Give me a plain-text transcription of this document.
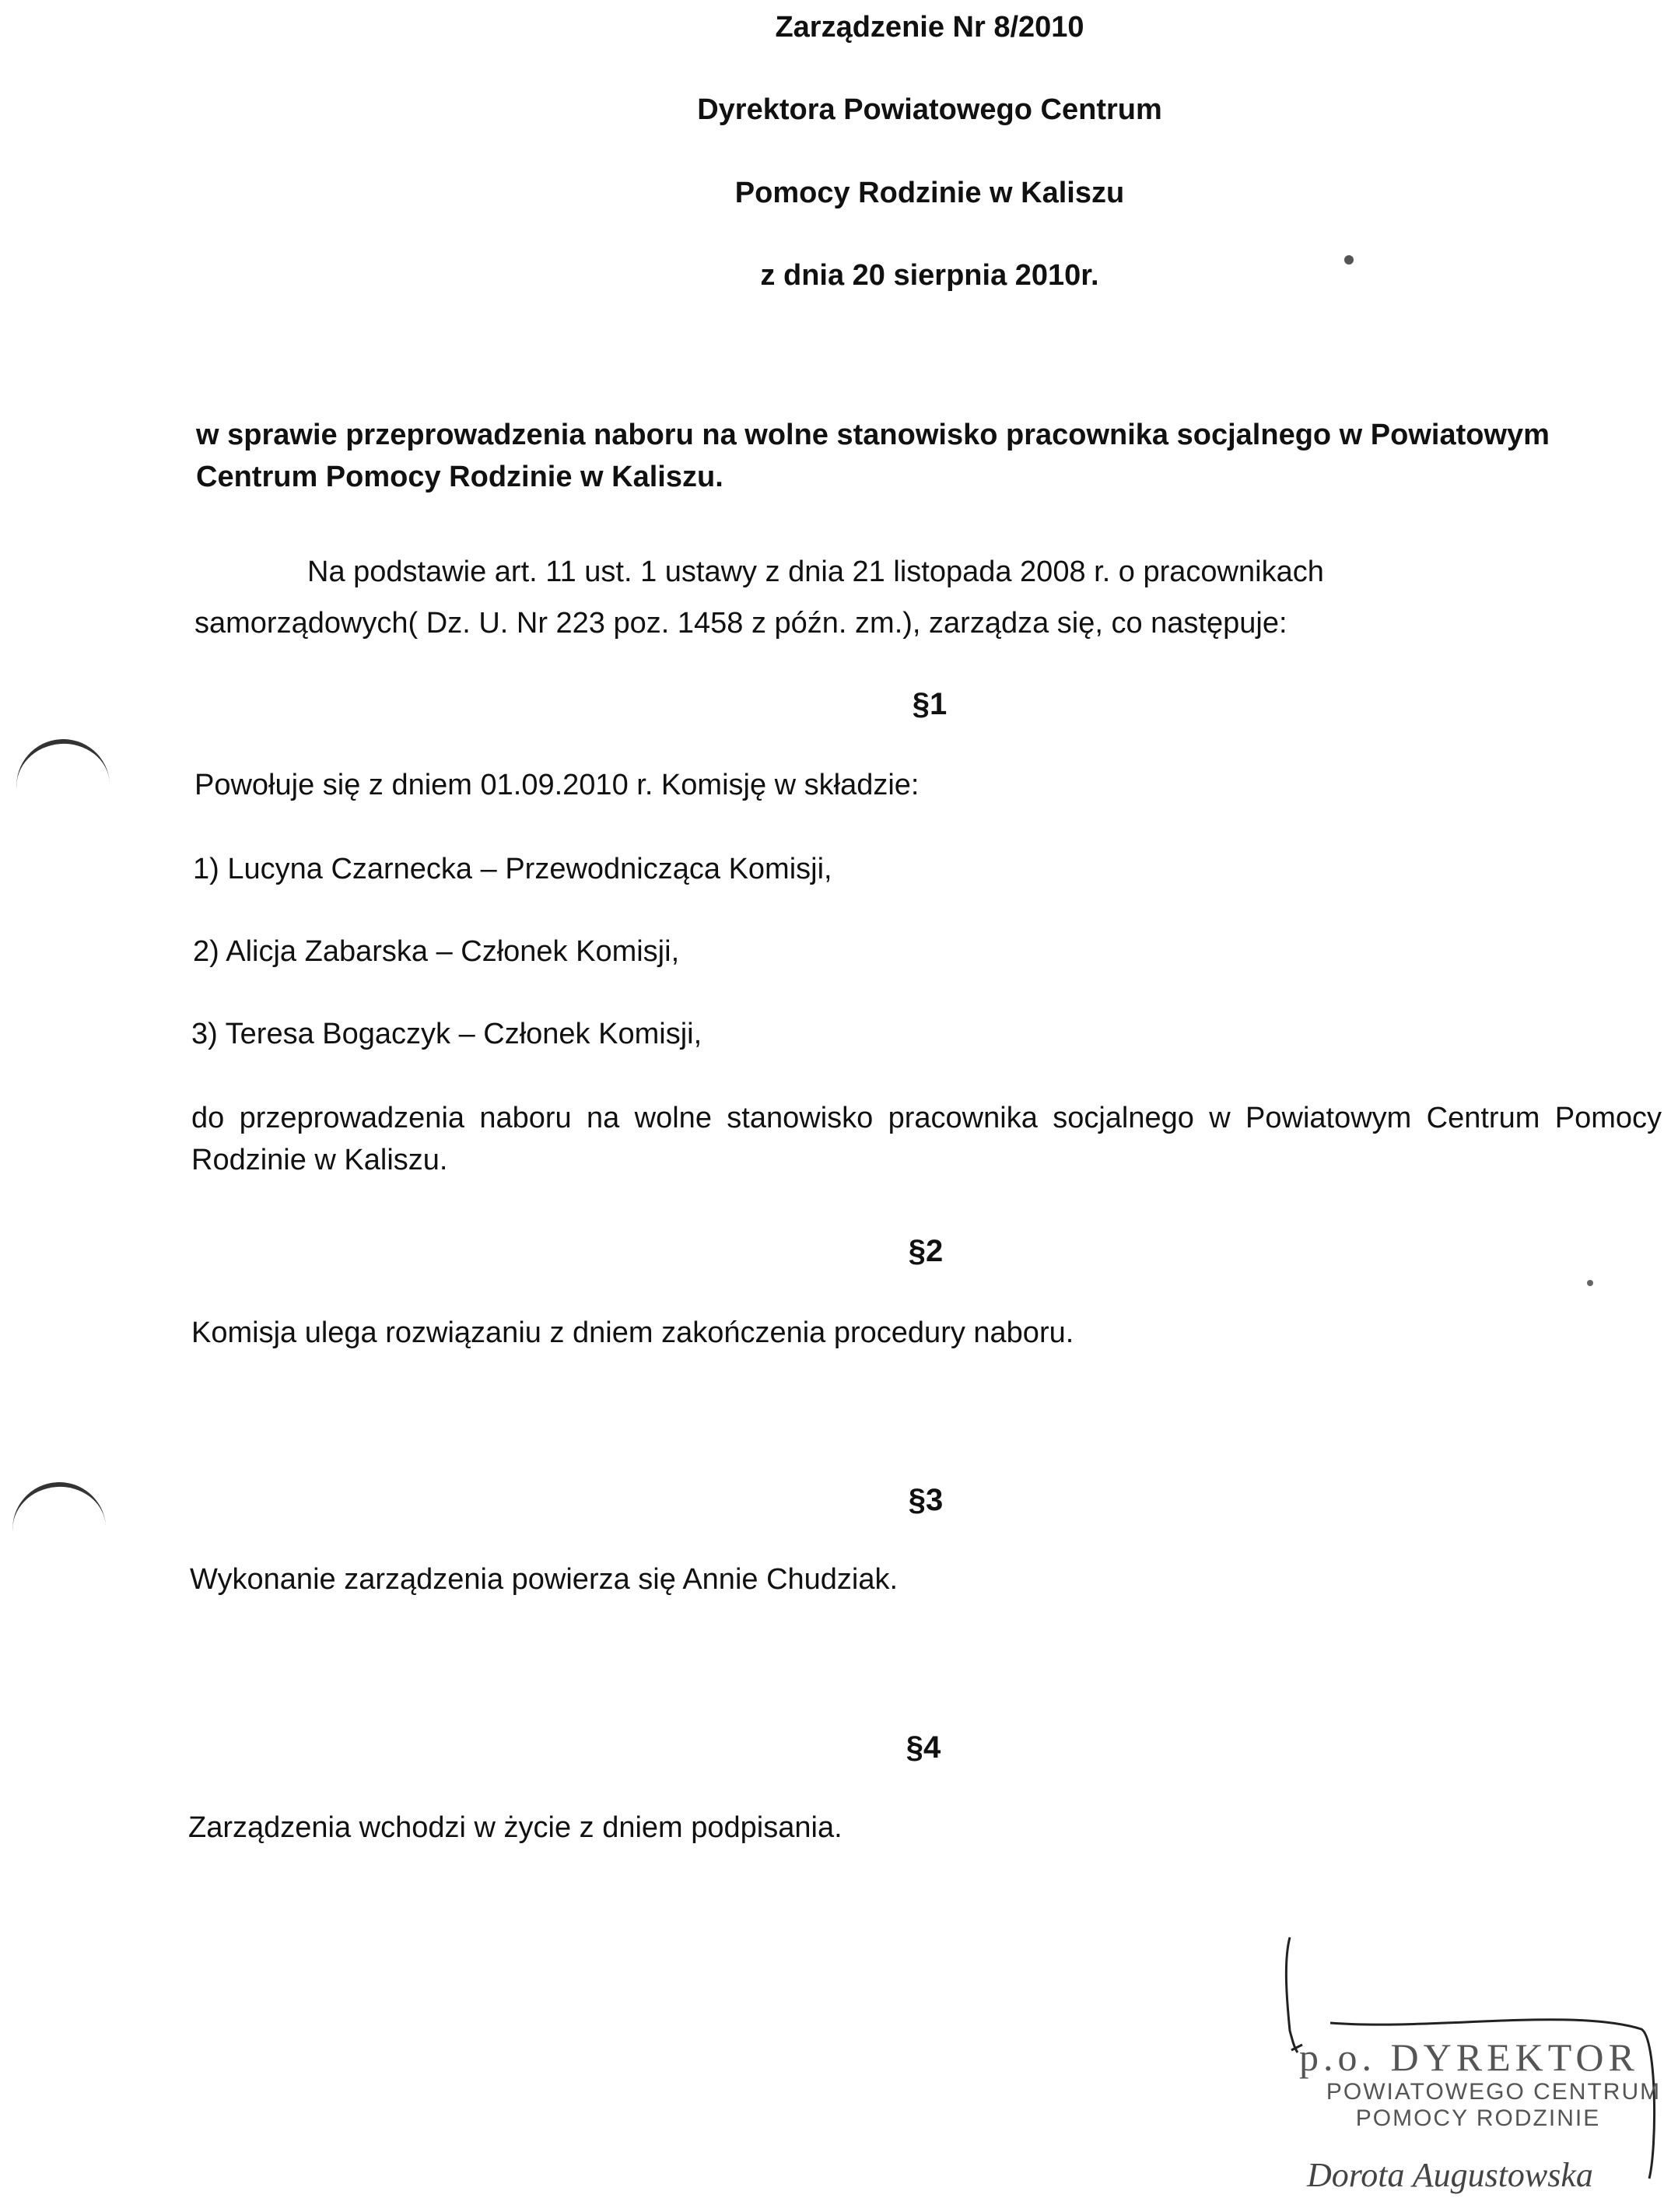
Zarządzenie Nr 8/2010
Dyrektora Powiatowego Centrum
Pomocy Rodzinie w Kaliszu
z dnia 20 sierpnia 2010r.
w sprawie przeprowadzenia naboru na wolne stanowisko pracownika socjalnego w Powiatowym Centrum Pomocy Rodzinie w Kaliszu.
Na podstawie art. 11 ust. 1 ustawy z dnia 21 listopada 2008 r. o pracownikach
samorządowych( Dz. U. Nr 223 poz. 1458 z późn. zm.), zarządza się, co następuje:
§1
Powołuje się z dniem 01.09.2010 r. Komisję w składzie:
1) Lucyna Czarnecka – Przewodnicząca Komisji,
2) Alicja Zabarska – Członek Komisji,
3) Teresa Bogaczyk – Członek Komisji,
do przeprowadzenia naboru na wolne stanowisko pracownika socjalnego w Powiatowym Centrum Pomocy Rodzinie w Kaliszu.
§2
Komisja ulega rozwiązaniu z dniem zakończenia procedury naboru.
§3
Wykonanie zarządzenia powierza się Annie Chudziak.
§4
Zarządzenia wchodzi w życie z dniem podpisania.
p.o. DYREKTOR
POWIATOWEGO CENTRUM
POMOCY RODZINIE
Dorota Augustowska
